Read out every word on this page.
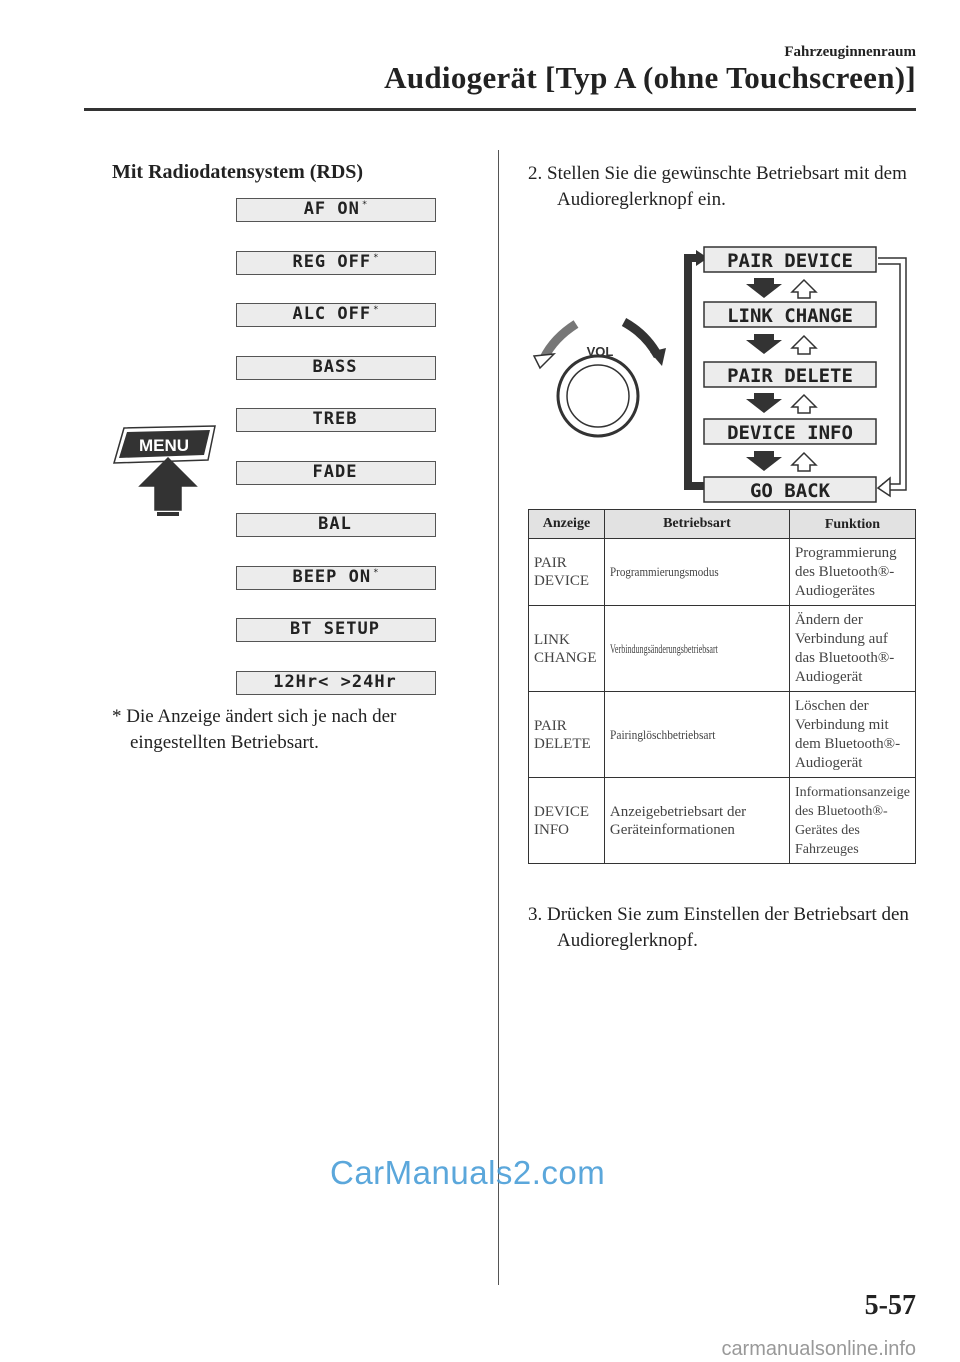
Fahrzeuginnenraum
Audiogerät [Typ A (ohne Touchscreen)]
Mit Radiodatensystem (RDS)
AF ON *
REG OFF *
ALC OFF *
BASS
TREB
FADE
BAL
BEEP ON *
BT SETUP
12Hr< >24Hr
MENU
* Die Anzeige ändert sich je nach der eingestellten Betriebsart.
2. Stellen Sie die gewünschte Betriebsart mit dem Audioreglerknopf ein.
VOL
PAIR DEVICE
LINK CHANGE
PAIR DELETE
DEVICE INFO
GO BACK
Anzeige	Betriebsart	Funktion
PAIR DEVICE	Programmierungsmodus	Programmierung des Bluetooth®-Audiogerätes
LINK CHANGE	Verbindungsänderungsbetriebsart	Ändern der Verbindung auf das Bluetooth®-Audiogerät
PAIR DELETE	Pairinglöschbetriebsart	Löschen der Verbindung mit dem Bluetooth®-Audiogerät
DEVICE INFO	Anzeigebetriebsart der Geräteinformationen	Informationsanzeige des Bluetooth®-Gerätes des Fahrzeuges
3. Drücken Sie zum Einstellen der Betriebsart den Audioreglerknopf.
CarManuals2.com
5-57
carmanualsonline.info
